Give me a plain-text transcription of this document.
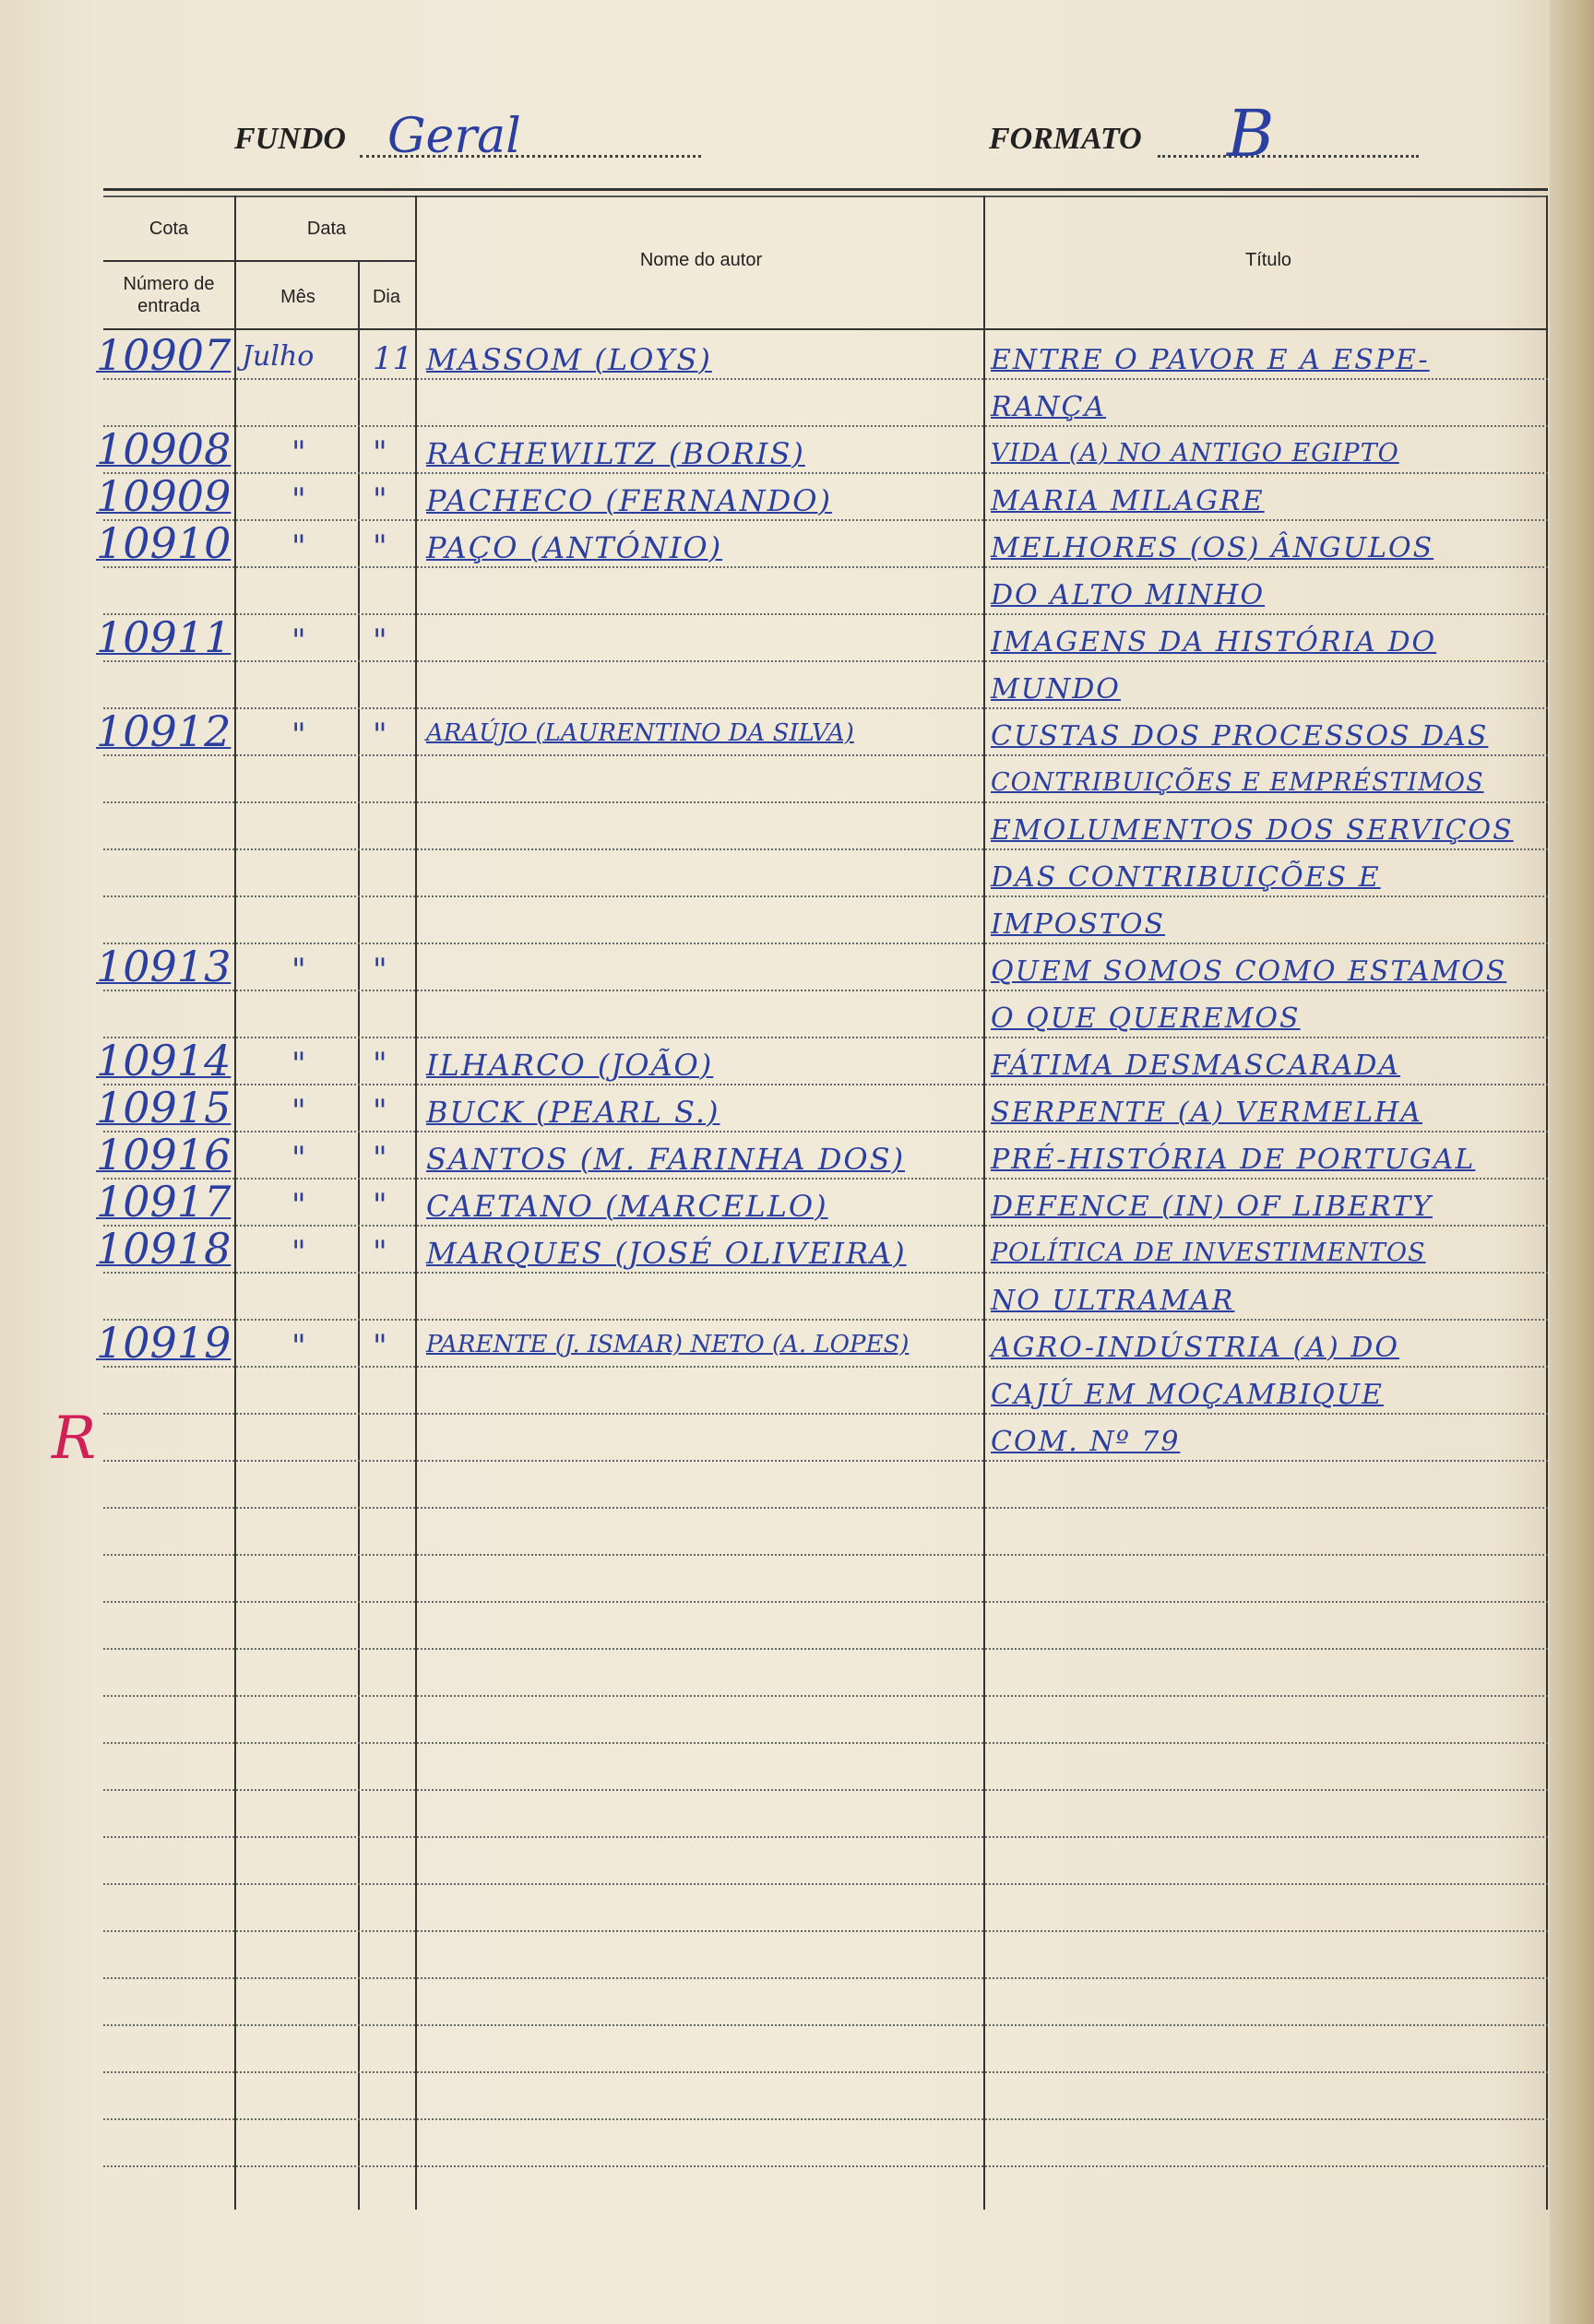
FUNDO Geral	FORMATO B
Cota
Número de
entrada
Data
Mês	Dia
Nome do autor	Título
10907 Julho 11 MASSOM (LOYS)	ENTRE O PAVOR E A ESPE-
RANÇA
10908 " " RACHEWILTZ (BORIS)	VIDA (A) NO ANTIGO EGIPTO
10909 " " PACHECO (FERNANDO)	MARIA MILAGRE
10910 " " PAÇO (ANTÓNIO)	MELHORES (OS) ÂNGULOS
DO ALTO MINHO
10911 " "	IMAGENS DA HISTÓRIA DO
MUNDO
10912 " " ARAÚJO (LAURENTINO DA SILVA)	CUSTAS DOS PROCESSOS DAS
CONTRIBUIÇÕES E EMPRÉSTIMOS
EMOLUMENTOS DOS SERVIÇOS
DAS CONTRIBUIÇÕES E
IMPOSTOS
10913 " "	QUEM SOMOS COMO ESTAMOS
O QUE QUEREMOS
10914 " " ILHARCO (JOÃO)	FÁTIMA DESMASCARADA
10915 " " BUCK (PEARL S.)	SERPENTE (A) VERMELHA
10916 " " SANTOS (M. FARINHA DOS)	PRÉ-HISTÓRIA DE PORTUGAL
10917 " " CAETANO (MARCELLO)	DEFENCE (IN) OF LIBERTY
10918 " " MARQUES (JOSÉ OLIVEIRA)	POLÍTICA DE INVESTIMENTOS
NO ULTRAMAR
10919 " " PARENTE (J. ISMAR) NETO (A. LOPES)	AGRO-INDÚSTRIA (A) DO
CAJÚ EM MOÇAMBIQUE
COM. Nº 79
R
